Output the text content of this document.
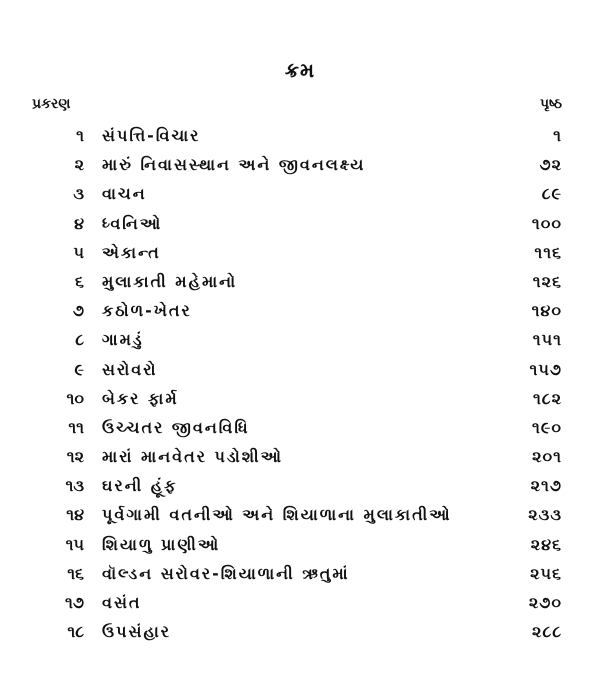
ક્રમ
પ્રકરણ	પૃષ્ઠ
૧ સંપત્તિ-વિચાર	૧
૨ મારું નિવાસસ્થાન અને જીવનલક્ષ્ય	૭૨
૩ વાચન	૮૯
૪ ધ્વનિઓ	૧૦૦
૫ એકાન્ત	૧૧૬
૬ મુલાકાતી મહેમાનો	૧૨૬
૭ કઠોળ-ખેતર	૧૪૦
૮ ગામડું	૧૫૧
૯ સરોવરો	૧૫૭
૧૦ બેકર ફાર્મ	૧૮૨
૧૧ ઉચ્ચતર જીવનવિધિ	૧૯૦
૧૨ મારાં માનવેતર પડોશીઓ	૨૦૧
૧૩ ઘરની હૂંફ	૨૧૭
૧૪ પૂર્વગામી વતનીઓ અને શિયાળાના મુલાકાતીઓ	૨૩૩
૧૫ શિયાળુ પ્રાણીઓ	૨૪૬
૧૬ વૉલ્ડન સરોવર-શિયાળાની ઋતુમાં	૨૫૬
૧૭ વસંત	૨૭૦
૧૮ ઉપસંહાર	૨૮૮
